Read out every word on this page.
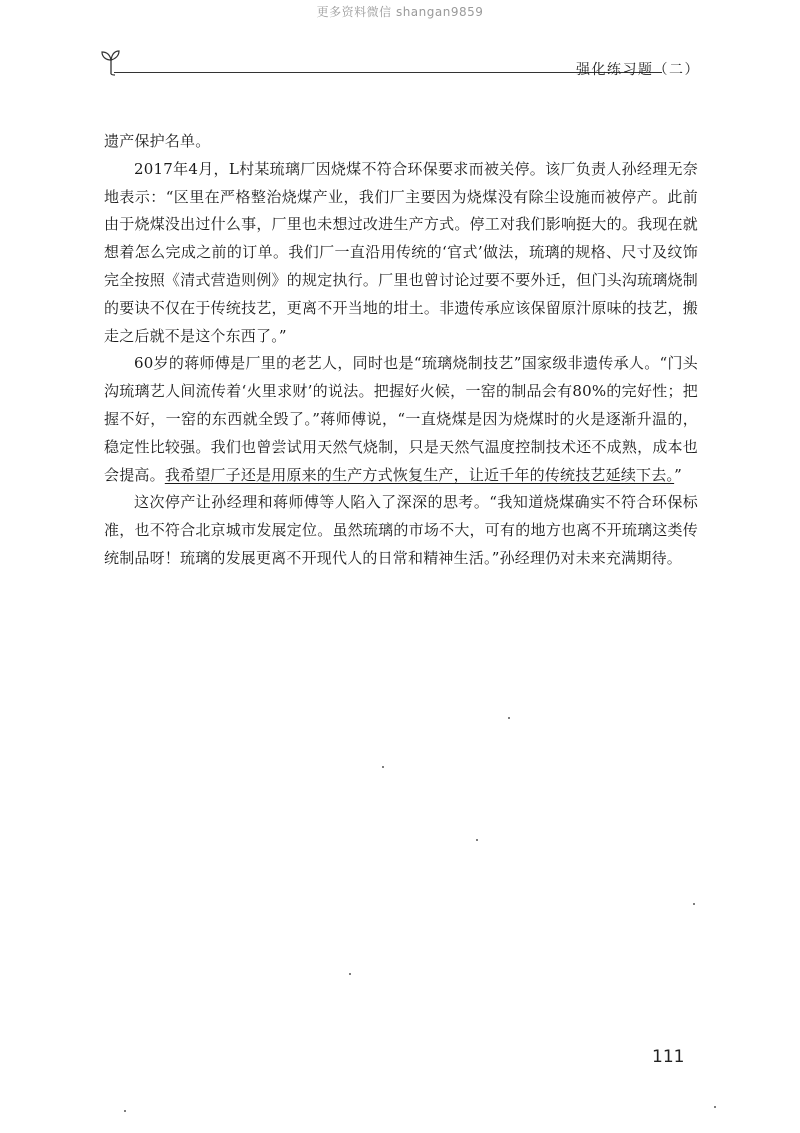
更多资料微信 shangan9859
强化练习题（二）

遗产保护名单。

2017年4月，L村某琉璃厂因烧煤不符合环保要求而被关停。该厂负责人孙经理无奈地表示：“区里在严格整治烧煤产业，我们厂主要因为烧煤没有除尘设施而被停产。此前由于烧煤没出过什么事，厂里也未想过改进生产方式。停工对我们影响挺大的。我现在就想着怎么完成之前的订单。我们厂一直沿用传统的‘官式’做法，琉璃的规格、尺寸及纹饰完全按照《清式营造则例》的规定执行。厂里也曾讨论过要不要外迁，但门头沟琉璃烧制的要诀不仅在于传统技艺，更离不开当地的坩土。非遗传承应该保留原汁原味的技艺，搬走之后就不是这个东西了。”

60岁的蒋师傅是厂里的老艺人，同时也是“琉璃烧制技艺”国家级非遗传承人。“门头沟琉璃艺人间流传着‘火里求财’的说法。把握好火候，一窑的制品会有80%的完好性；把握不好，一窑的东西就全毁了。”蒋师傅说，“一直烧煤是因为烧煤时的火是逐渐升温的，稳定性比较强。我们也曾尝试用天然气烧制，只是天然气温度控制技术还不成熟，成本也会提高。我希望厂子还是用原来的生产方式恢复生产，让近千年的传统技艺延续下去。”

这次停产让孙经理和蒋师傅等人陷入了深深的思考。“我知道烧煤确实不符合环保标准，也不符合北京城市发展定位。虽然琉璃的市场不大，可有的地方也离不开琉璃这类传统制品呀！琉璃的发展更离不开现代人的日常和精神生活。”孙经理仍对未来充满期待。

111
